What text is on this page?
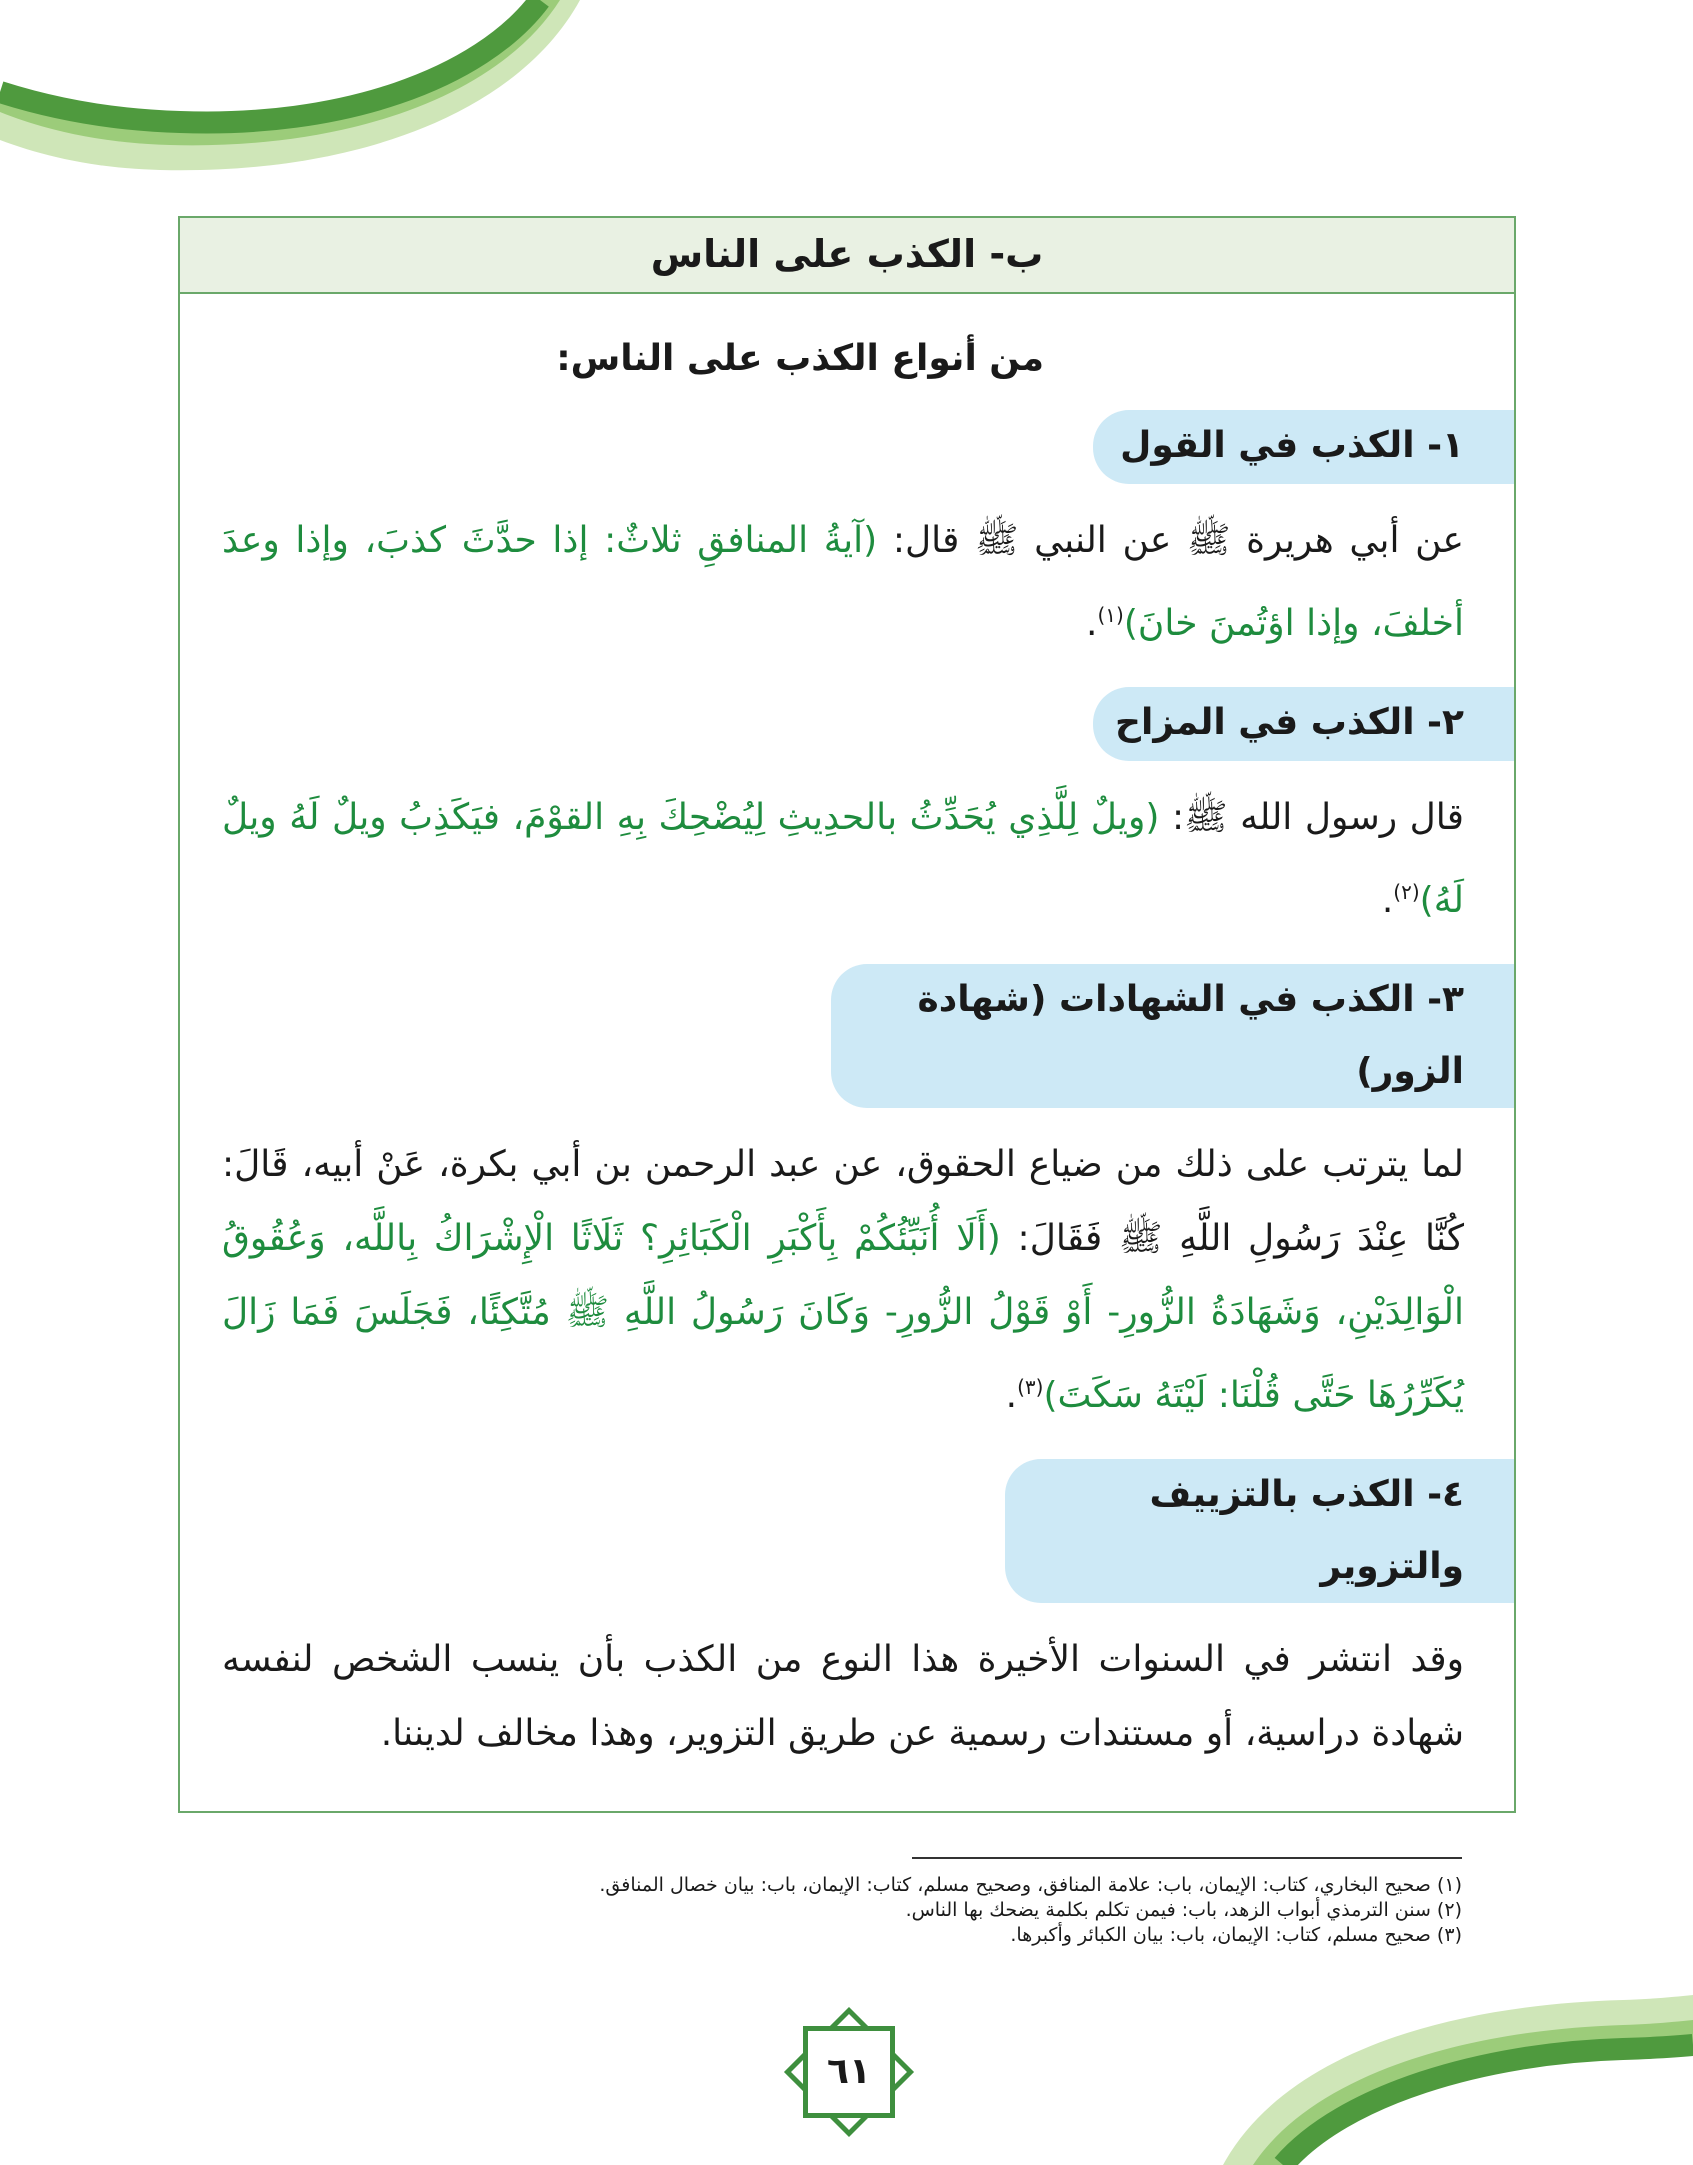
ب- الكذب على الناس
من أنواع الكذب على الناس:
١- الكذب في القول
عن أبي هريرة ﷺ عن النبي ﷺ قال: (آيةُ المنافقِ ثلاثٌ: إذا حدَّثَ كذبَ، وإذا وعدَ أخلفَ، وإذا اؤتُمنَ خانَ)$^{(١)}$.
٢- الكذب في المزاح
قال رسول الله ﷺ: (ويلٌ لِلَّذِي يُحَدِّثُ بالحدِيثِ لِيُضْحِكَ بِهِ القوْمَ، فيَكَذِبُ ويلٌ لَهُ ويلٌ لَهُ)$^{(٢)}$.
٣- الكذب في الشهادات (شهادة الزور)
لما يترتب على ذلك من ضياع الحقوق، عن عبد الرحمن بن أبي بكرة، عَنْ أبيه، قَالَ: كُنَّا عِنْدَ رَسُولِ اللَّهِ ﷺ فَقَالَ: (أَلَا أُنَبِّئُكُمْ بِأَكْبَرِ الْكَبَائِرِ؟ ثَلَاثًا الْإِشْرَاكُ بِاللَّه، وَعُقُوقُ الْوَالِدَيْنِ، وَشَهَادَةُ الزُّورِ- أَوْ قَوْلُ الزُّورِ- وَكَانَ رَسُولُ اللَّهِ ﷺ مُتَّكِئًا، فَجَلَسَ فَمَا زَالَ يُكَرِّرُهَا حَتَّى قُلْنَا: لَيْتَهُ سَكَتَ)$^{(٣)}$.
٤- الكذب بالتزييف والتزوير
وقد انتشر في السنوات الأخيرة هذا النوع من الكذب بأن ينسب الشخص لنفسه شهادة دراسية، أو مستندات رسمية عن طريق التزوير، وهذا مخالف لديننا.
(١) صحيح البخاري، كتاب: الإيمان، باب: علامة المنافق، وصحيح مسلم، كتاب: الإيمان، باب: بيان خصال المنافق.
(٢) سنن الترمذي أبواب الزهد، باب: فيمن تكلم بكلمة يضحك بها الناس.
(٣) صحيح مسلم، كتاب: الإيمان، باب: بيان الكبائر وأكبرها.
٦١
